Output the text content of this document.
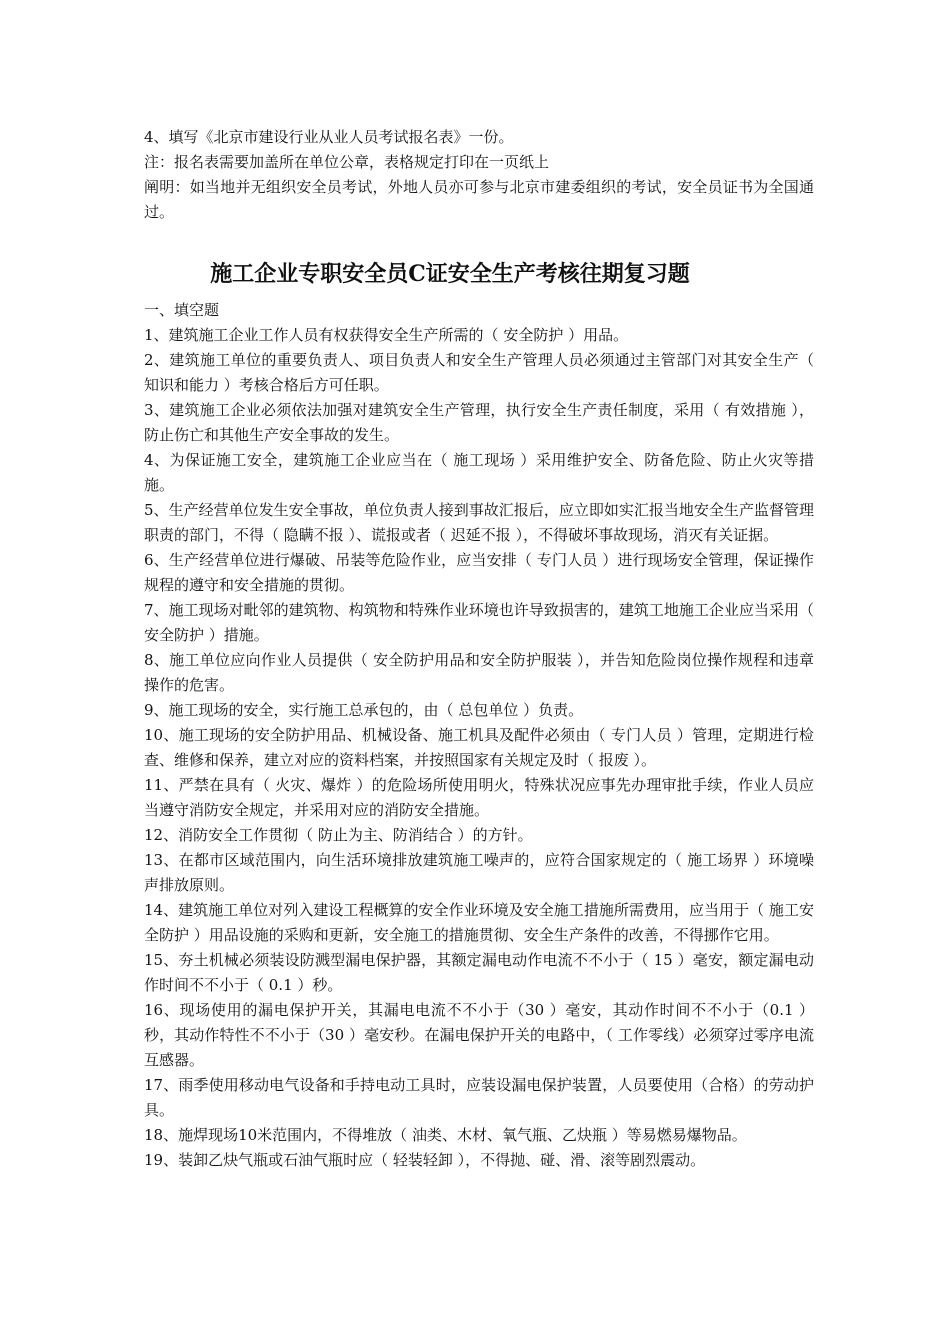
4、填写《北京市建设行业从业人员考试报名表》一份。

注：报名表需要加盖所在单位公章，表格规定打印在一页纸上

阐明：如当地并无组织安全员考试，外地人员亦可参与北京市建委组织的考试，安全员证书为全国通过。

施工企业专职安全员C证安全生产考核往期复习题

一、填空题

1、建筑施工企业工作人员有权获得安全生产所需的（ 安全防护 ）用品。

2、建筑施工单位的重要负责人、项目负责人和安全生产管理人员必须通过主管部门对其安全生产（ 知识和能力 ）考核合格后方可任职。

3、建筑施工企业必须依法加强对建筑安全生产管理，执行安全生产责任制度，采用（ 有效措施 ），防止伤亡和其他生产安全事故的发生。

4、为保证施工安全，建筑施工企业应当在（ 施工现场 ）采用维护安全、防备危险、防止火灾等措施。

5、生产经营单位发生安全事故，单位负责人接到事故汇报后，应立即如实汇报当地安全生产监督管理职责的部门，不得（ 隐瞒不报 ）、谎报或者（ 迟延不报 ），不得破坏事故现场，消灭有关证据。

6、生产经营单位进行爆破、吊装等危险作业，应当安排（ 专门人员 ）进行现场安全管理，保证操作规程的遵守和安全措施的贯彻。

7、施工现场对毗邻的建筑物、构筑物和特殊作业环境也许导致损害的，建筑工地施工企业应当采用（ 安全防护 ）措施。

8、施工单位应向作业人员提供（ 安全防护用品和安全防护服装 ），并告知危险岗位操作规程和违章操作的危害。

9、施工现场的安全，实行施工总承包的，由（ 总包单位 ）负责。

10、施工现场的安全防护用品、机械设备、施工机具及配件必须由（ 专门人员 ）管理，定期进行检查、维修和保养，建立对应的资料档案，并按照国家有关规定及时（ 报废 ）。

11、严禁在具有（ 火灾、爆炸 ）的危险场所使用明火，特殊状况应事先办理审批手续，作业人员应当遵守消防安全规定，并采用对应的消防安全措施。

12、消防安全工作贯彻（ 防止为主、防消结合 ）的方针。

13、在都市区域范围内，向生活环境排放建筑施工噪声的，应符合国家规定的（ 施工场界 ）环境噪声排放原则。

14、建筑施工单位对列入建设工程概算的安全作业环境及安全施工措施所需费用，应当用于（ 施工安全防护 ）用品设施的采购和更新，安全施工的措施贯彻、安全生产条件的改善，不得挪作它用。

15、夯土机械必须装设防溅型漏电保护器，其额定漏电动作电流不不小于（ 15 ）毫安，额定漏电动作时间不不小于（ 0.1 ）秒。

16、现场使用的漏电保护开关，其漏电电流不不小于（30 ）毫安，其动作时间不不小于（0.1 ）秒，其动作特性不不小于（30 ）毫安秒。在漏电保护开关的电路中，（ 工作零线）必须穿过零序电流互感器。

17、雨季使用移动电气设备和手持电动工具时，应装设漏电保护装置，人员要使用（合格）的劳动护具。

18、施焊现场10米范围内，不得堆放（ 油类、木材、氧气瓶、乙炔瓶 ）等易燃易爆物品。

19、装卸乙炔气瓶或石油气瓶时应（ 轻装轻卸 ），不得抛、碰、滑、滚等剧烈震动。
